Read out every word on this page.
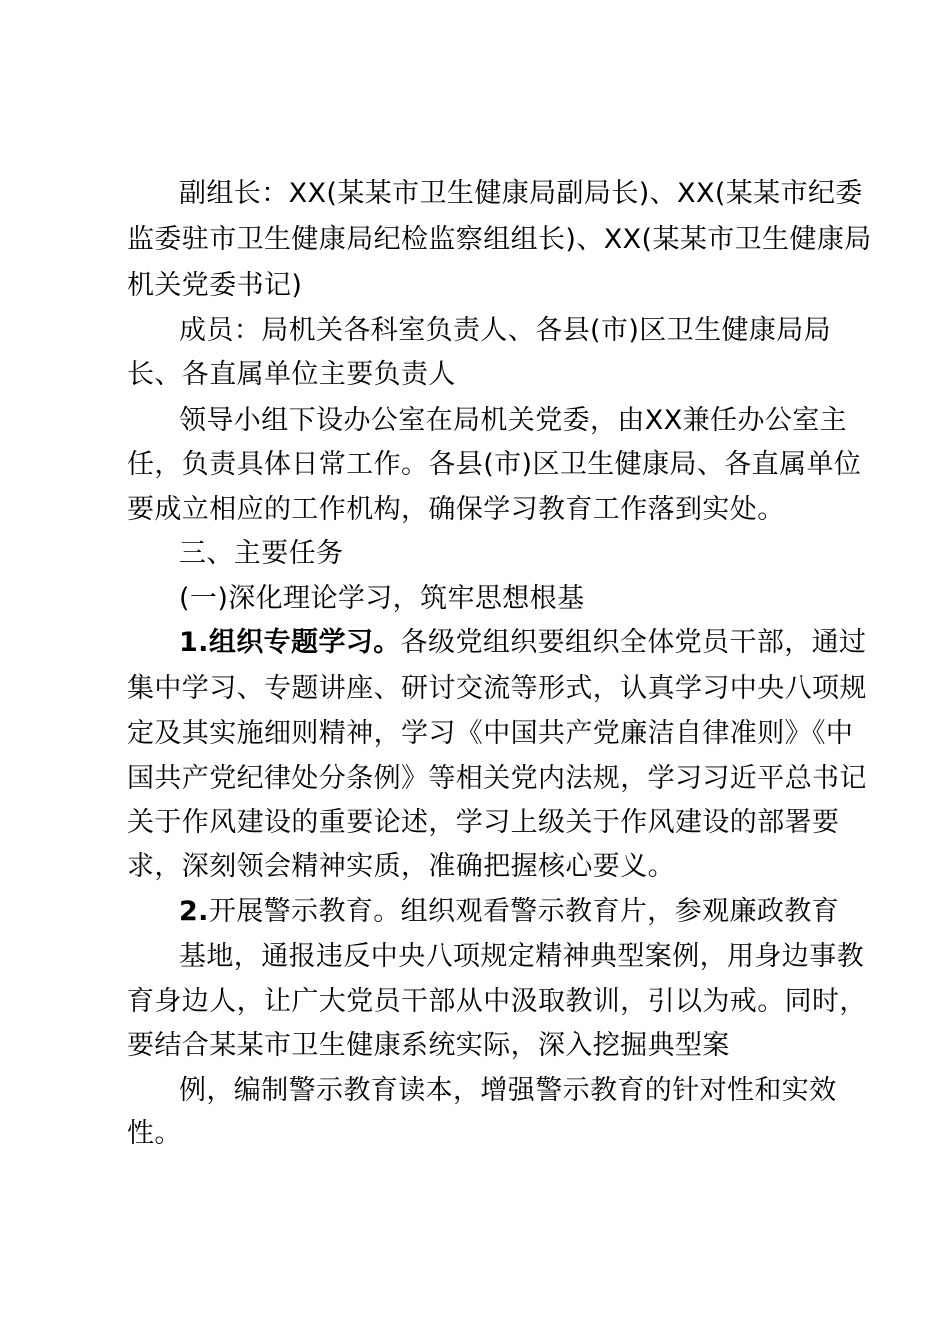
副组长：XX(某某市卫生健康局副局长)、XX(某某市纪委
监委驻市卫生健康局纪检监察组组长)、XX(某某市卫生健康局
机关党委书记)
成员：局机关各科室负责人、各县(市)区卫生健康局局
长、各直属单位主要负责人
领导小组下设办公室在局机关党委，由XX兼任办公室主
任，负责具体日常工作。各县(市)区卫生健康局、各直属单位
要成立相应的工作机构，确保学习教育工作落到实处。
三、主要任务
(一)深化理论学习，筑牢思想根基
1.组织专题学习。各级党组织要组织全体党员干部，通过
集中学习、专题讲座、研讨交流等形式，认真学习中央八项规
定及其实施细则精神，学习《中国共产党廉洁自律准则》《中
国共产党纪律处分条例》等相关党内法规，学习习近平总书记
关于作风建设的重要论述，学习上级关于作风建设的部署要
求，深刻领会精神实质，准确把握核心要义。
2.开展警示教育。组织观看警示教育片，参观廉政教育
基地，通报违反中央八项规定精神典型案例，用身边事教
育身边人，让广大党员干部从中汲取教训，引以为戒。同时，
要结合某某市卫生健康系统实际，深入挖掘典型案
例，编制警示教育读本，增强警示教育的针对性和实效
性。
